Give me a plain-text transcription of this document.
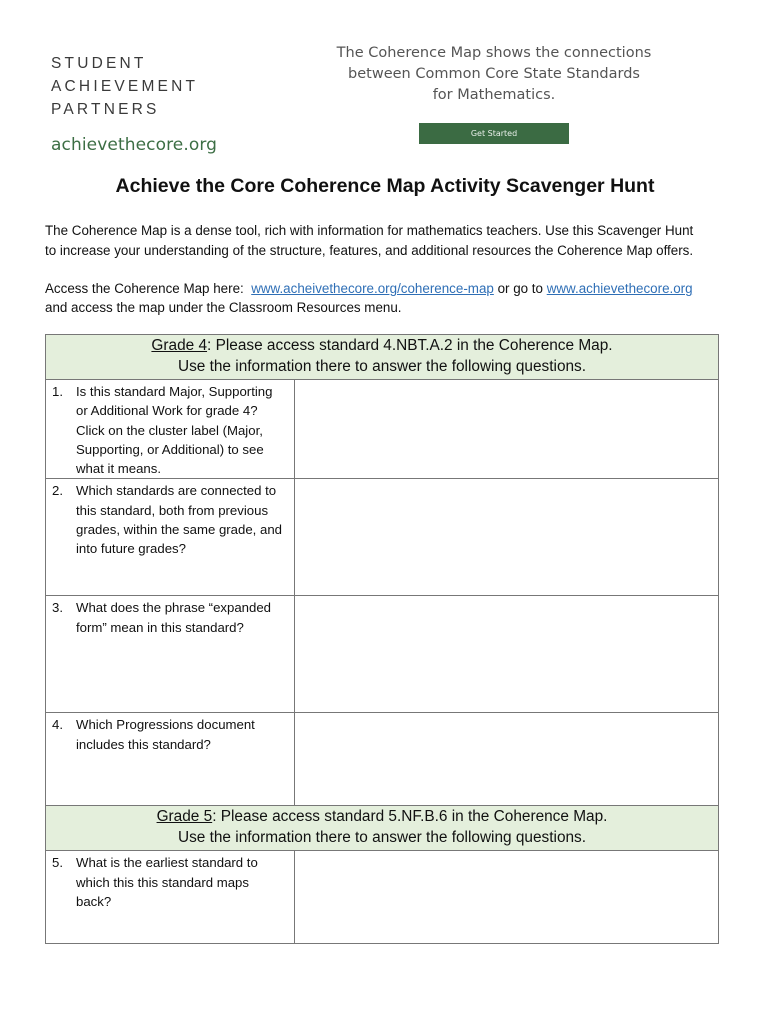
STUDENT
ACHIEVEMENT
PARTNERS
achievethecore.org
The Coherence Map shows the connections
between Common Core State Standards
for Mathematics.
Get Started
Achieve the Core Coherence Map Activity Scavenger Hunt
The Coherence Map is a dense tool, rich with information for mathematics teachers. Use this Scavenger Hunt
to increase your understanding of the structure, features, and additional resources the Coherence Map offers.
Access the Coherence Map here:  www.acheivethecore.org/coherence-map or go to www.achievethecore.org
and access the map under the Classroom Resources menu.
Grade 4: Please access standard 4.NBT.A.2 in the Coherence Map.
Use the information there to answer the following questions.	

1. Is this standard Major, Supporting or Additional Work for grade 4? Click on the cluster label (Major, Supporting, or Additional) to see what it means.	

2. Which standards are connected to this standard, both from previous grades, within the same grade, and into future grades?	

3. What does the phrase “expanded form” mean in this standard?	

4. Which Progressions document includes this standard?	

Grade 5: Please access standard 5.NF.B.6 in the Coherence Map.
Use the information there to answer the following questions.	

5. What is the earliest standard to which this this standard maps back?	
